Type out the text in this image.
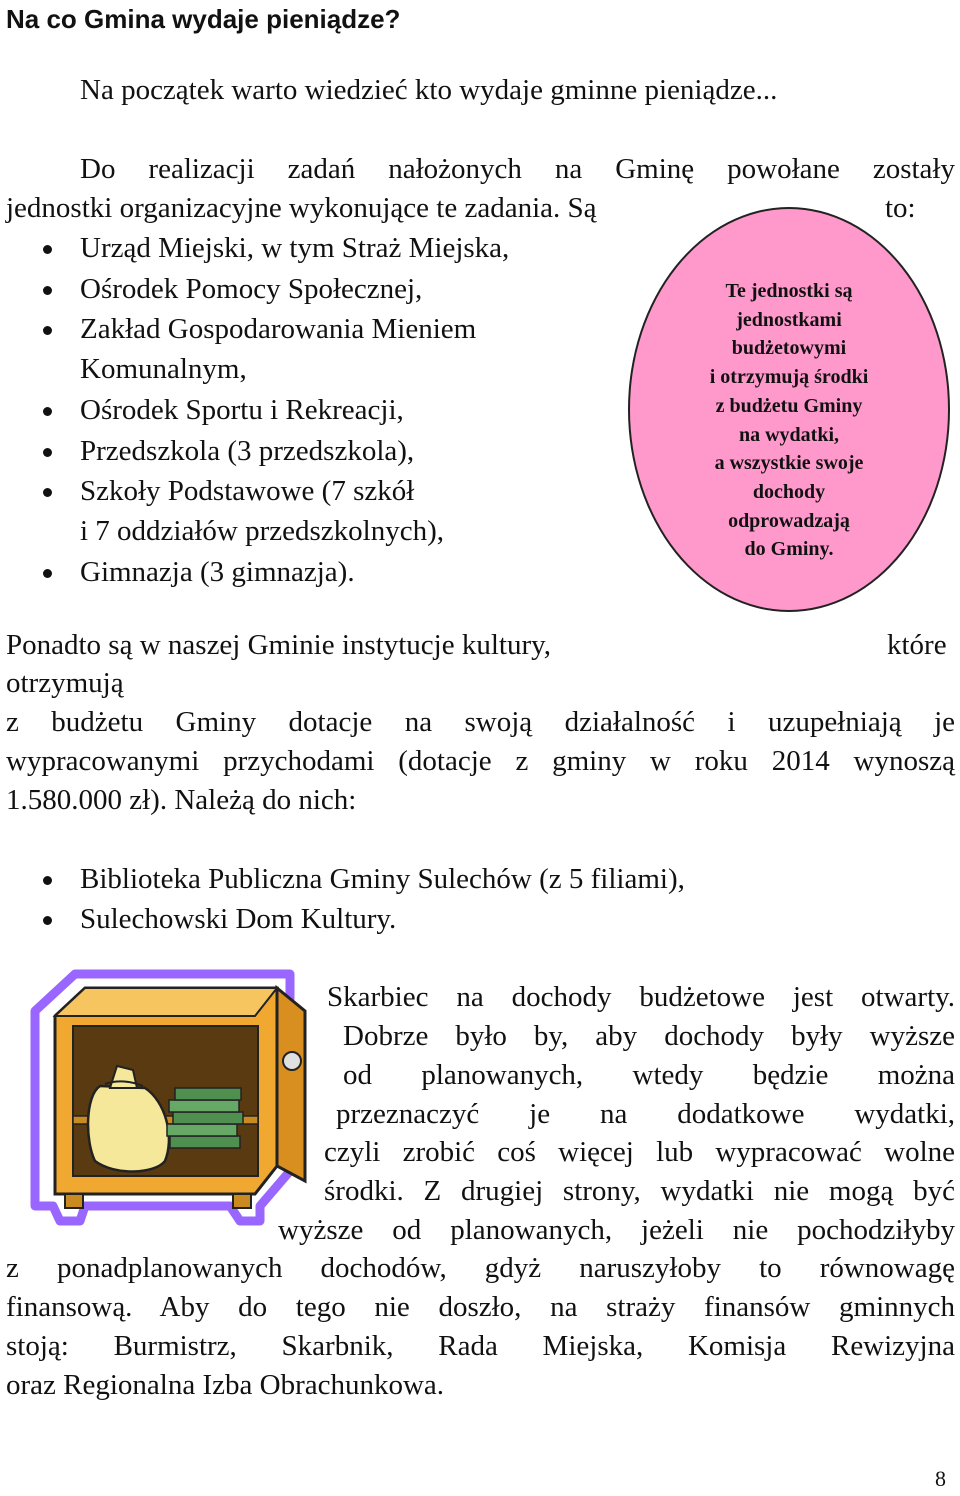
Na co Gmina wydaje pieniądze?

Na początek warto wiedzieć kto wydaje gminne pieniądze...

Do realizacji zadań nałożonych na Gminę powołane zostały

jednostki organizacyjne wykonujące te zadania. Są	to:

Urząd Miejski, w tym Straż Miejska,

Ośrodek Pomocy Społecznej,

Zakład Gospodarowania Mieniem

Komunalnym,

Ośrodek Sportu i Rekreacji,

Przedszkola (3 przedszkola),

Szkoły Podstawowe (7 szkół

i 7 oddziałów przedszkolnych),

Gimnazja (3 gimnazja).

Te jednostki są
jednostkami
budżetowymi
i otrzymują środki
z budżetu Gminy
na wydatki,
a wszystkie swoje
dochody
odprowadzają
do Gminy.

Ponadto są w naszej Gminie instytucje kultury,	które

otrzymują

z budżetu Gminy dotacje na swoją działalność i uzupełniają je

wypracowanymi przychodami (dotacje z gminy w roku 2014 wynoszą

1.580.000 zł). Należą do nich:

Biblioteka Publiczna Gminy Sulechów (z 5 filiami),

Sulechowski Dom Kultury.

Skarbiec na dochody budżetowe jest otwarty.

Dobrze było by, aby dochody były wyższe

od planowanych, wtedy będzie można

przeznaczyć je na dodatkowe wydatki,

czyli zrobić coś więcej lub wypracować wolne

środki. Z drugiej strony, wydatki nie mogą być

wyższe od planowanych, jeżeli nie pochodziłyby

z ponadplanowanych dochodów, gdyż naruszyłoby to równowagę

finansową. Aby do tego nie doszło, na straży finansów gminnych

stoją: Burmistrz, Skarbnik, Rada Miejska, Komisja Rewizyjna

oraz Regionalna Izba Obrachunkowa.

8
